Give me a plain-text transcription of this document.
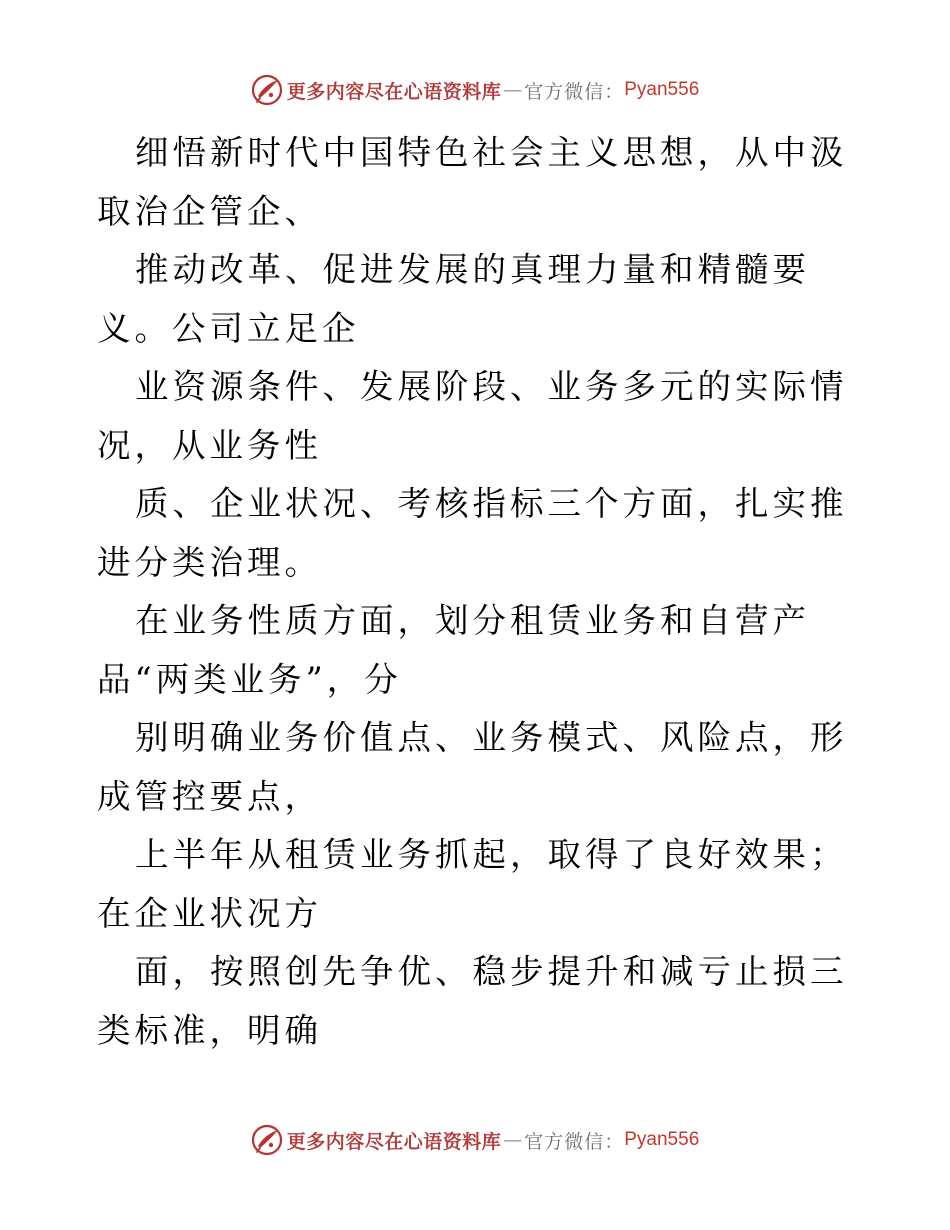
更多内容尽在心语资料库 — 官方微信： Pyan556

细悟新时代中国特色社会主义思想，从中汲取治企管企、

推动改革、促进发展的真理力量和精髓要义。公司立足企

业资源条件、发展阶段、业务多元的实际情况，从业务性

质、企业状况、考核指标三个方面，扎实推进分类治理。

在业务性质方面，划分租赁业务和自营产品“两类业务”，分

别明确业务价值点、业务模式、风险点，形成管控要点，

上半年从租赁业务抓起，取得了良好效果；在企业状况方

面，按照创先争优、稳步提升和减亏止损三类标准，明确

更多内容尽在心语资料库 — 官方微信： Pyan556
